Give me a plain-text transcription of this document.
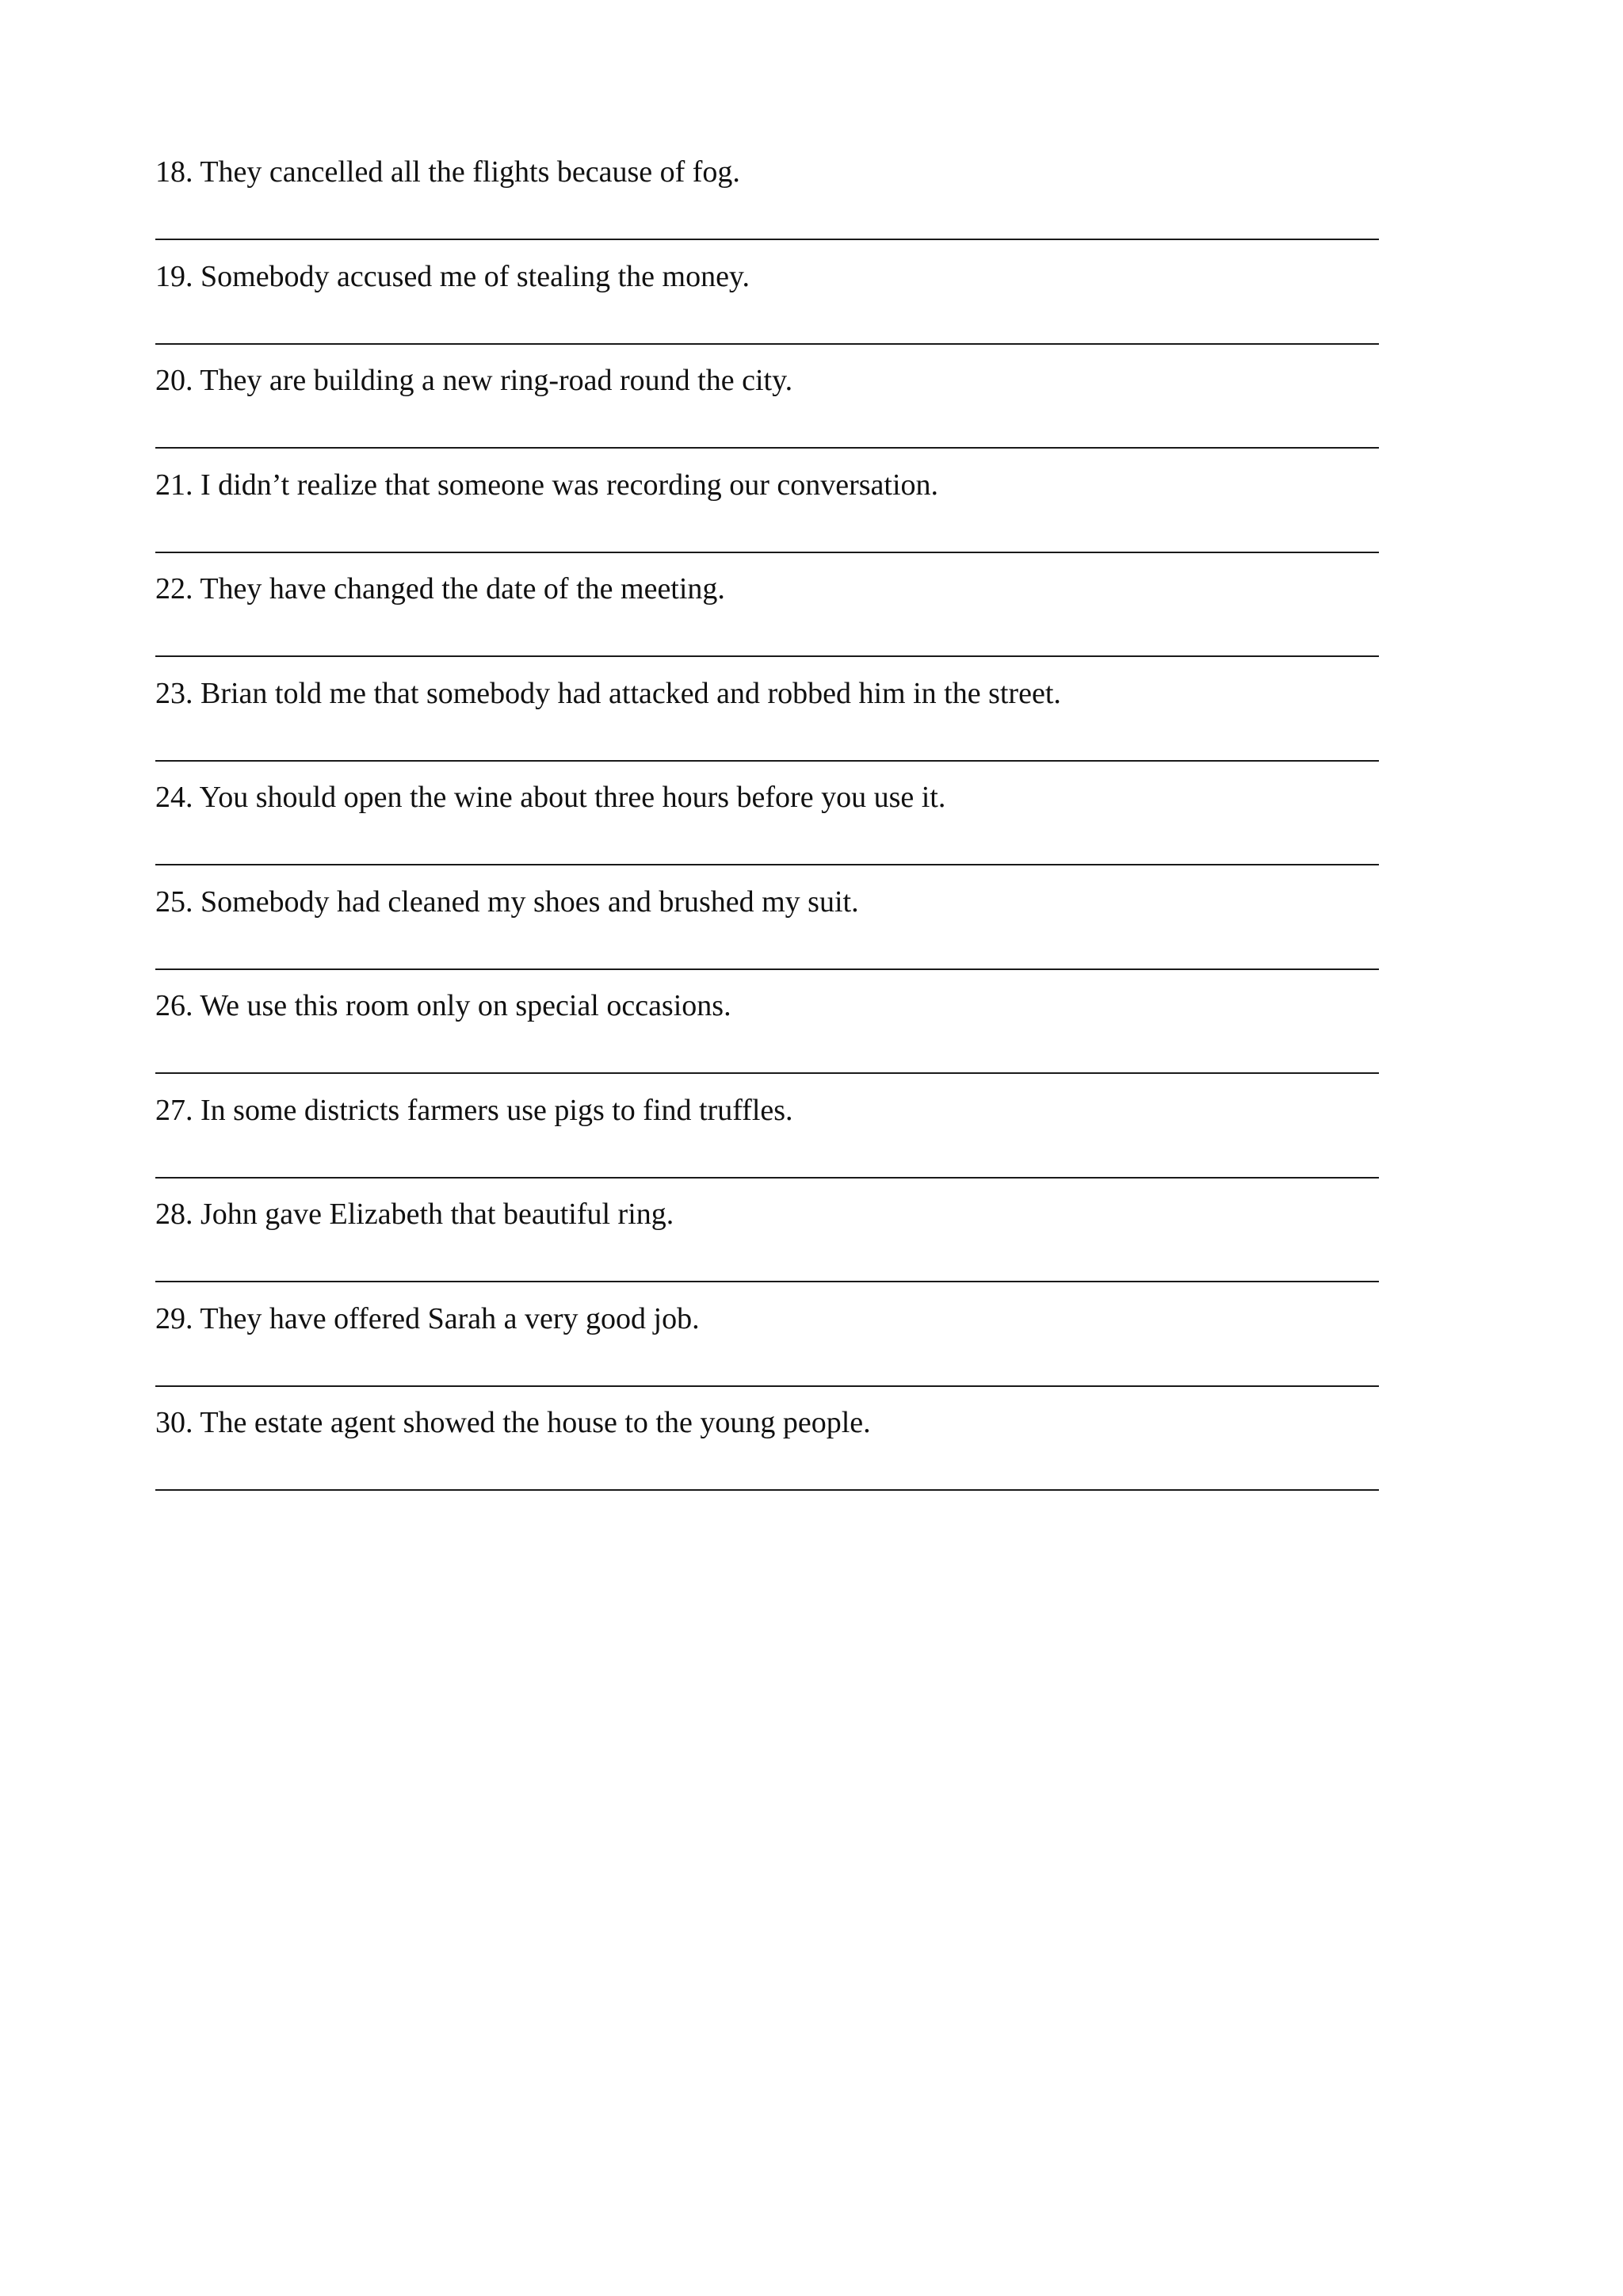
18. They cancelled all the flights because of fog.
19. Somebody accused me of stealing the money.
20. They are building a new ring-road round the city.
21. I didn’t realize that someone was recording our conversation.
22. They have changed the date of the meeting.
23. Brian told me that somebody had attacked and robbed him in the street.
24. You should open the wine about three hours before you use it.
25. Somebody had cleaned my shoes and brushed my suit.
26. We use this room only on special occasions.
27. In some districts farmers use pigs to find truffles.
28. John gave Elizabeth that beautiful ring.
29. They have offered Sarah a very good job.
30. The estate agent showed the house to the young people.
